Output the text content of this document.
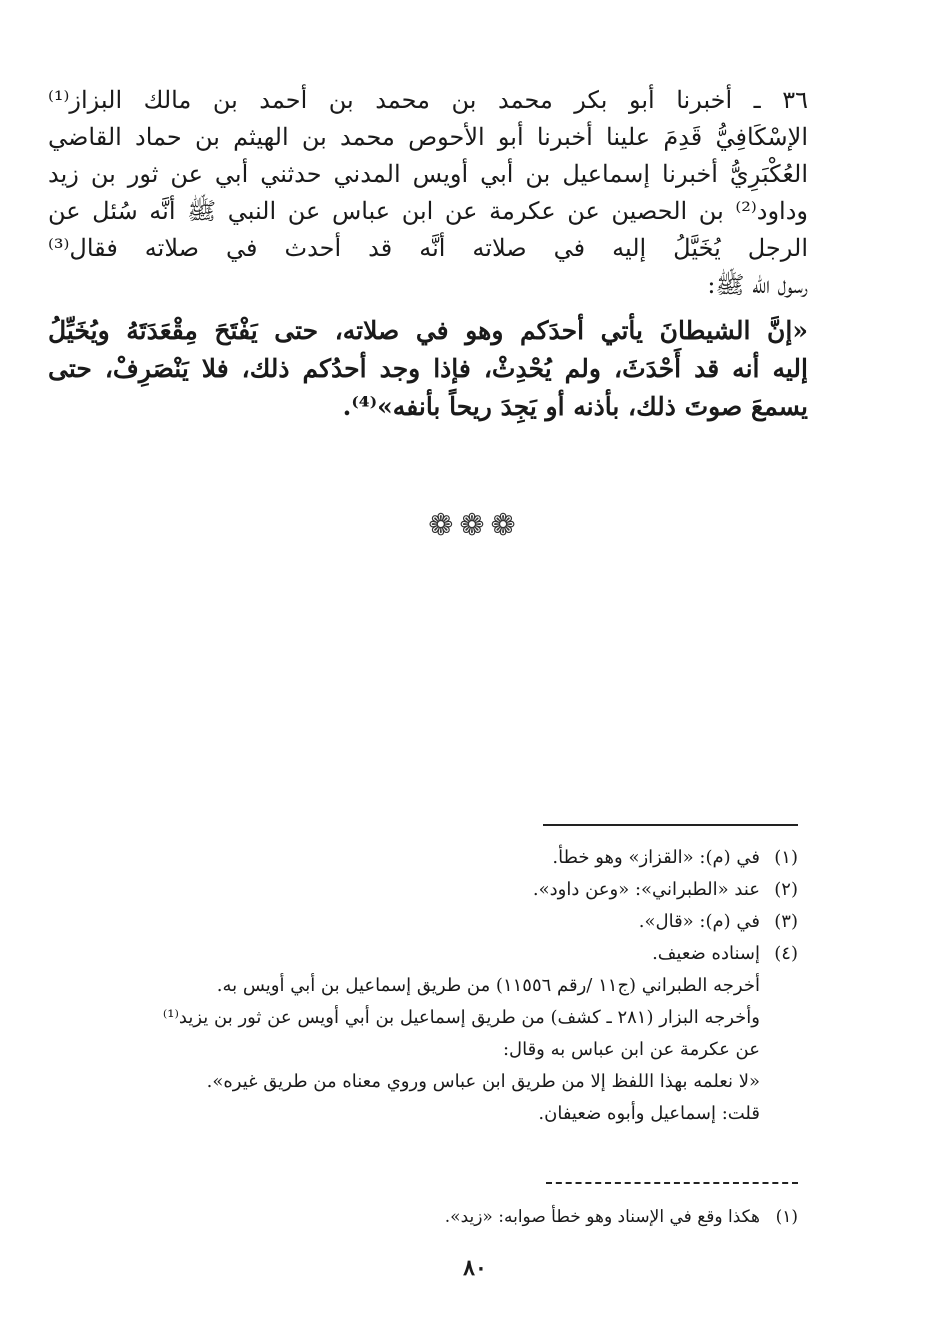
٣٦ ـ أخبرنا أبو بكر محمد بن محمد بن أحمد بن مالك البزاز⁽¹⁾
الإسْكَافِيُّ قَدِمَ علينا أخبرنا أبو الأحوص محمد بن الهيثم بن حماد القاضي
العُكْبَرِيُّ أخبرنا إسماعيل بن أبي أويس المدني حدثني أبي عن ثور بن زيد
وداود⁽²⁾ بن الحصين عن عكرمة عن ابن عباس عن النبي ﷺ أنَّه سُئل عن
الرجل يُخَيَّلُ إليه في صلاته أنَّه قد أحدث في صلاته فقال⁽³⁾
رسول الله ﷺ:
«إنَّ الشيطانَ يأتي أحدَكم وهو في صلاته، حتى يَفْتَحَ مِقْعَدَتَهُ ويُخَيِّلُ
إليه أنه قد أَحْدَثَ، ولم يُحْدِثْ، فإذا وجد أحدُكم ذلك، فلا يَنْصَرِفْ، حتى
يسمعَ صوتَ ذلك، بأذنه أو يَجِدَ ريحاً بأنفه»⁽⁴⁾.
❁❁❁
(١)
في (م): «القزاز» وهو خطأ.
(٢)
عند «الطبراني»: «وعن داود».
(٣)
في (م): «قال».
(٤)
إسناده ضعيف.
أخرجه الطبراني (ج١١ /رقم ١١٥٥٦) من طريق إسماعيل بن أبي أويس به.
وأخرجه البزار (٢٨١ ـ كشف) من طريق إسماعيل بن أبي أويس عن ثور بن يزيد⁽¹⁾
عن عكرمة عن ابن عباس به وقال:
«لا نعلمه بهذا اللفظ إلا من طريق ابن عباس وروي معناه من طريق غيره».
قلت: إسماعيل وأبوه ضعيفان.
(١)
هكذا وقع في الإسناد وهو خطأ صوابه: «زيد».
٨٠
